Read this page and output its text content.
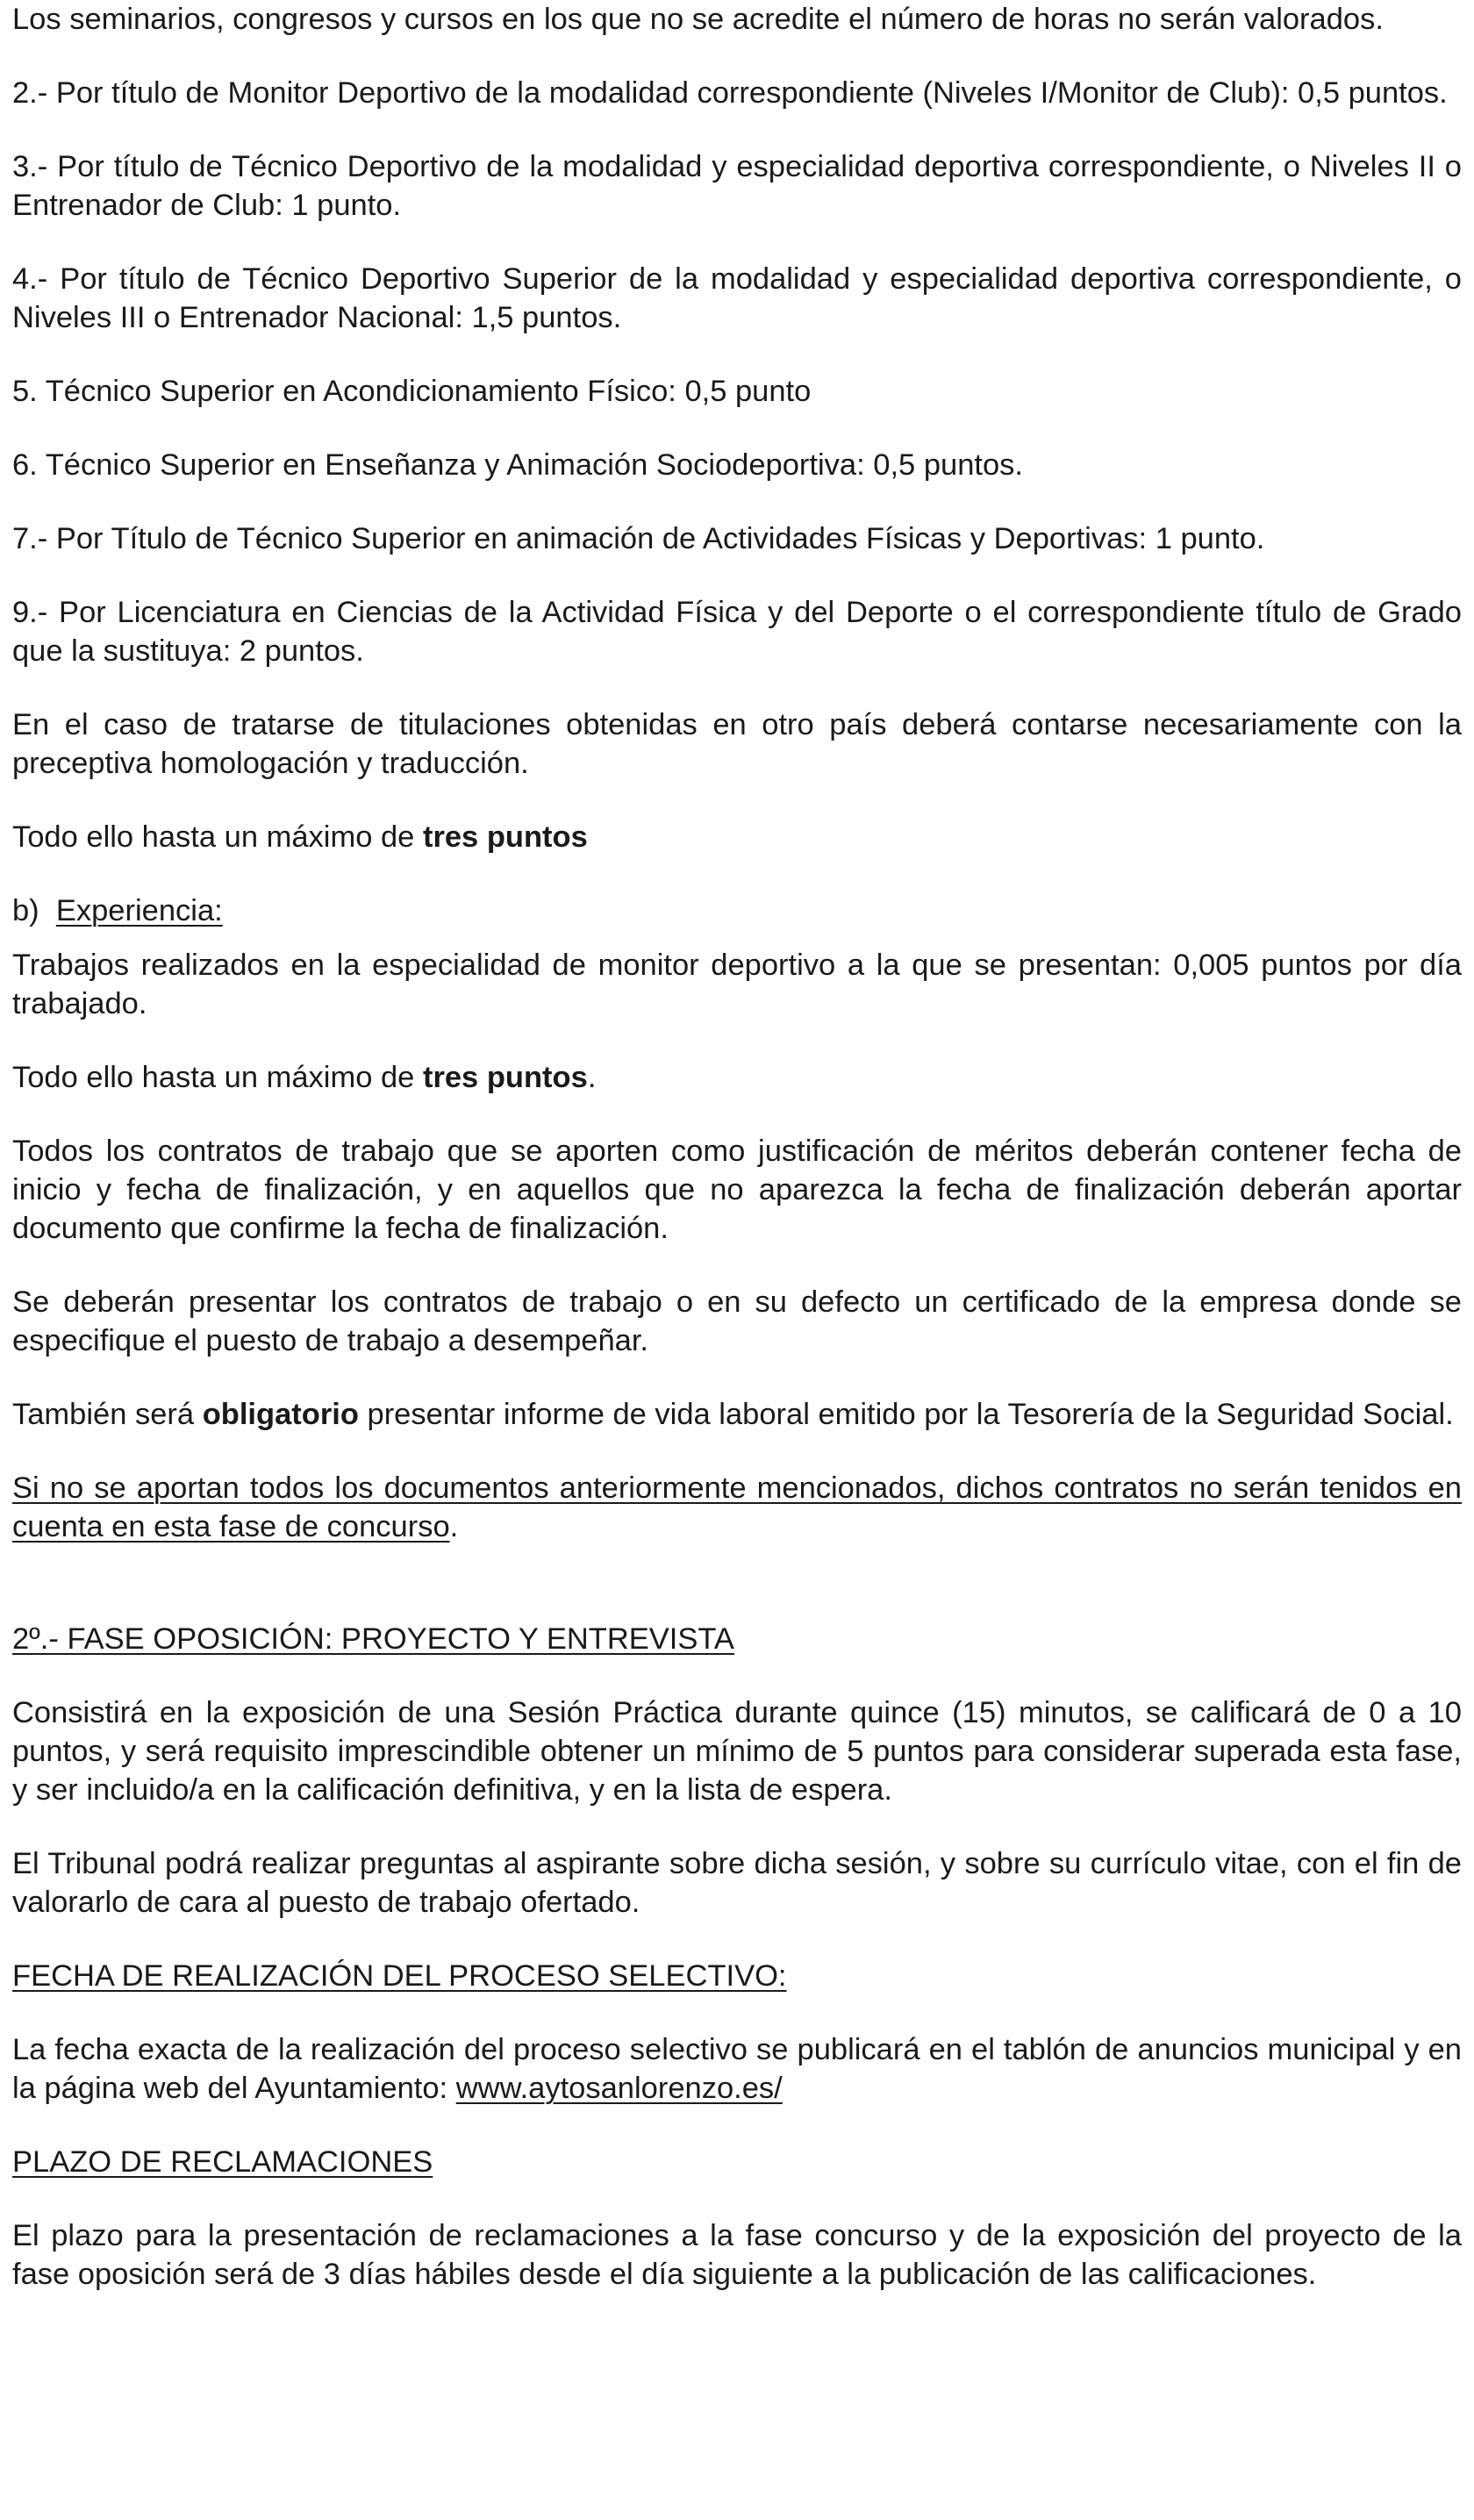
Los seminarios, congresos y cursos en los que no se acredite el número de horas no serán valorados.

2.- Por título de Monitor Deportivo de la modalidad correspondiente (Niveles I/Monitor de Club): 0,5 puntos.

3.- Por título de Técnico Deportivo de la modalidad y especialidad deportiva correspondiente, o Niveles II o Entrenador de Club: 1 punto.

4.- Por título de Técnico Deportivo Superior de la modalidad y especialidad deportiva correspondiente, o Niveles III o Entrenador Nacional: 1,5 puntos.

5. Técnico Superior en Acondicionamiento Físico: 0,5 punto

6. Técnico Superior en Enseñanza y Animación Sociodeportiva: 0,5 puntos.

7.- Por Título de Técnico Superior en animación de Actividades Físicas y Deportivas: 1 punto.

9.- Por Licenciatura en Ciencias de la Actividad Física y del Deporte o el correspondiente título de Grado que la sustituya: 2 puntos.

En el caso de tratarse de titulaciones obtenidas en otro país deberá contarse necesariamente con la preceptiva homologación y traducción.

Todo ello hasta un máximo de tres puntos

b) Experiencia:

Trabajos realizados en la especialidad de monitor deportivo a la que se presentan: 0,005 puntos por día trabajado.

Todo ello hasta un máximo de tres puntos.

Todos los contratos de trabajo que se aporten como justificación de méritos deberán contener fecha de inicio y fecha de finalización, y en aquellos que no aparezca la fecha de finalización deberán aportar documento que confirme la fecha de finalización.

Se deberán presentar los contratos de trabajo o en su defecto un certificado de la empresa donde se especifique el puesto de trabajo a desempeñar.

También será obligatorio presentar informe de vida laboral emitido por la Tesorería de la Seguridad Social.

Si no se aportan todos los documentos anteriormente mencionados, dichos contratos no serán tenidos en cuenta en esta fase de concurso.

2º.- FASE OPOSICIÓN: PROYECTO Y ENTREVISTA

Consistirá en la exposición de una Sesión Práctica durante quince (15) minutos, se calificará de 0 a 10 puntos, y será requisito imprescindible obtener un mínimo de 5 puntos para considerar superada esta fase, y ser incluido/a en la calificación definitiva, y en la lista de espera.

El Tribunal podrá realizar preguntas al aspirante sobre dicha sesión, y sobre su currículo vitae, con el fin de valorarlo de cara al puesto de trabajo ofertado.

FECHA DE REALIZACIÓN DEL PROCESO SELECTIVO:

La fecha exacta de la realización del proceso selectivo se publicará en el tablón de anuncios municipal y en la página web del Ayuntamiento: www.aytosanlorenzo.es/

PLAZO DE RECLAMACIONES

El plazo para la presentación de reclamaciones a la fase concurso y de la exposición del proyecto de la fase oposición será de 3 días hábiles desde el día siguiente a la publicación de las calificaciones.
